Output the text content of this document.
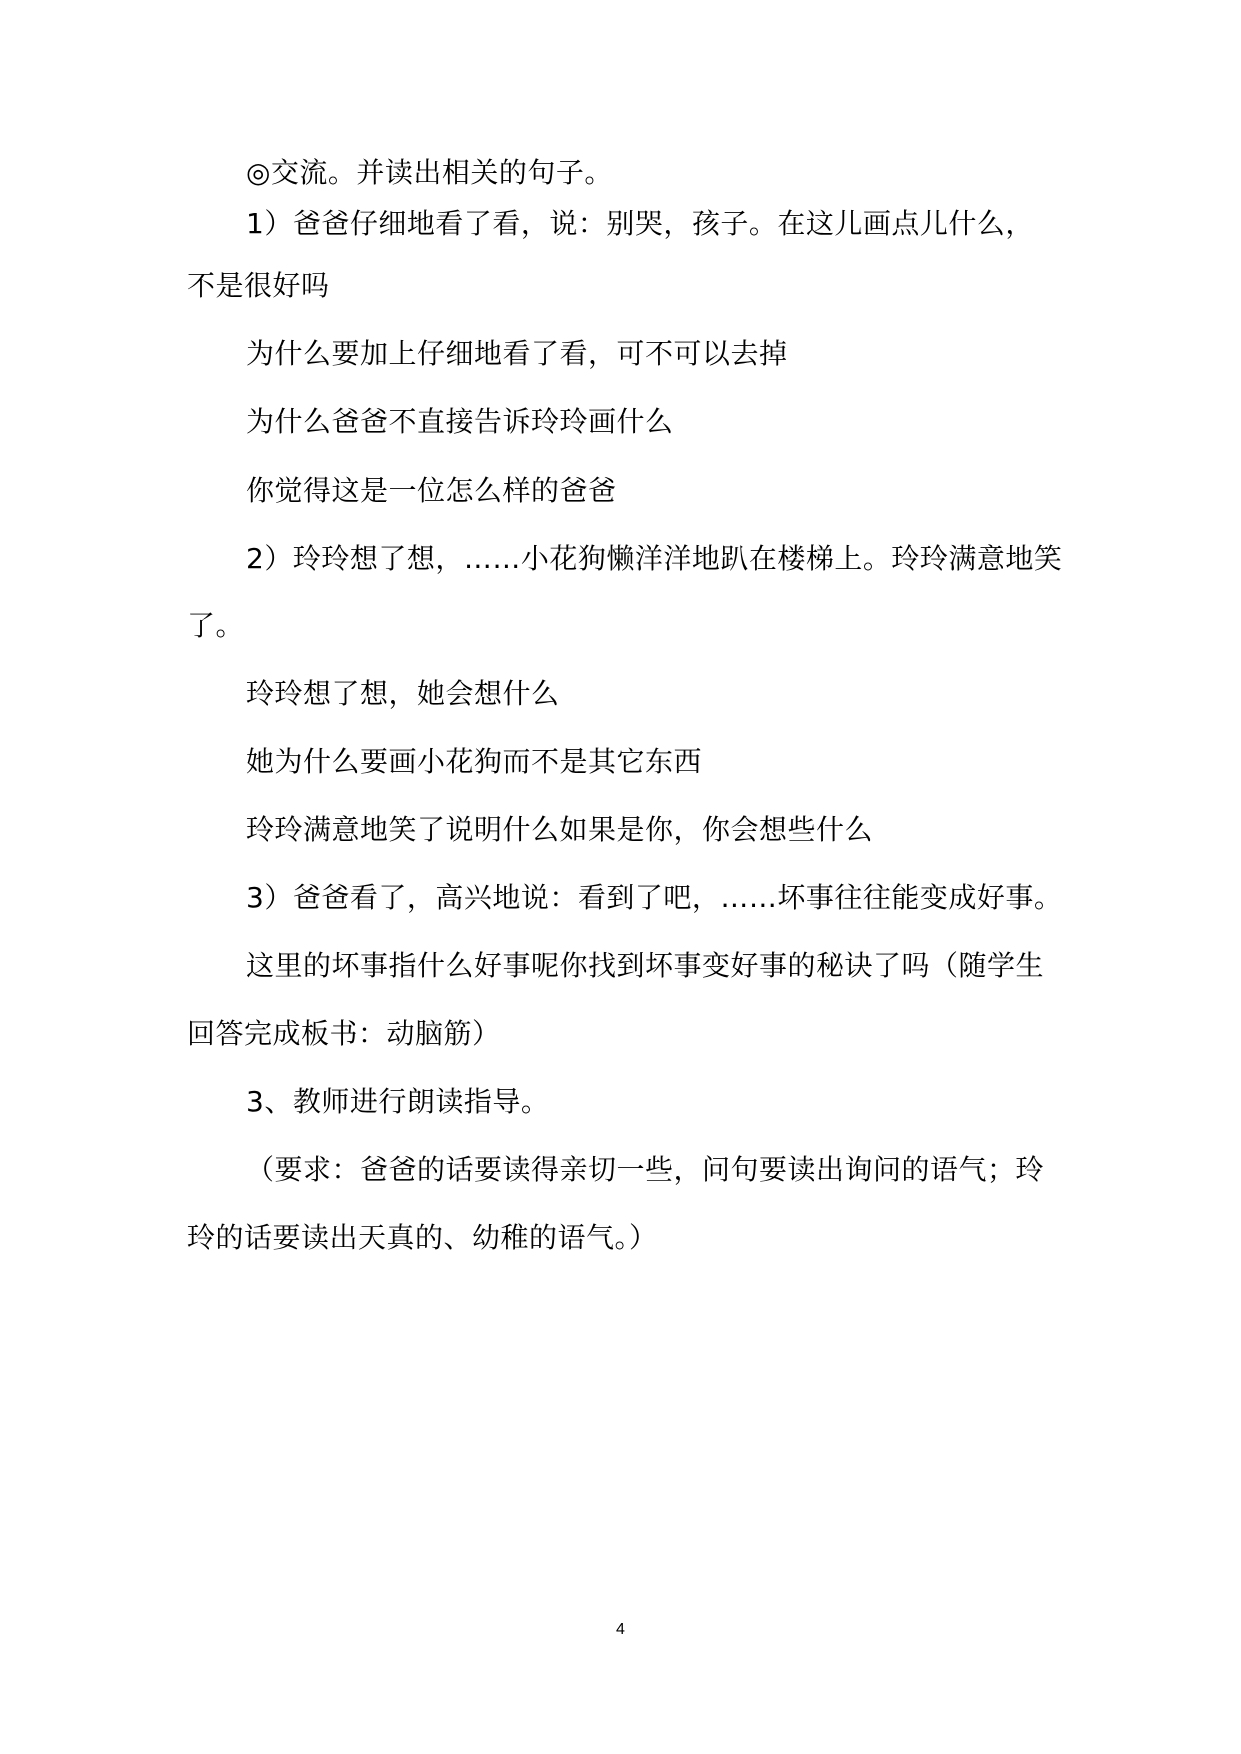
◎交流。并读出相关的句子。
1）爸爸仔细地看了看，说：别哭，孩子。在这儿画点儿什么，
不是很好吗
为什么要加上仔细地看了看，可不可以去掉
为什么爸爸不直接告诉玲玲画什么
你觉得这是一位怎么样的爸爸
2）玲玲想了想，……小花狗懒洋洋地趴在楼梯上。玲玲满意地笑
了。
玲玲想了想，她会想什么
她为什么要画小花狗而不是其它东西
玲玲满意地笑了说明什么如果是你，你会想些什么
3）爸爸看了，高兴地说：看到了吧，……坏事往往能变成好事。
这里的坏事指什么好事呢你找到坏事变好事的秘诀了吗（随学生
回答完成板书：动脑筋）
3、教师进行朗读指导。
（要求：爸爸的话要读得亲切一些，问句要读出询问的语气；玲
玲的话要读出天真的、幼稚的语气。）
4
